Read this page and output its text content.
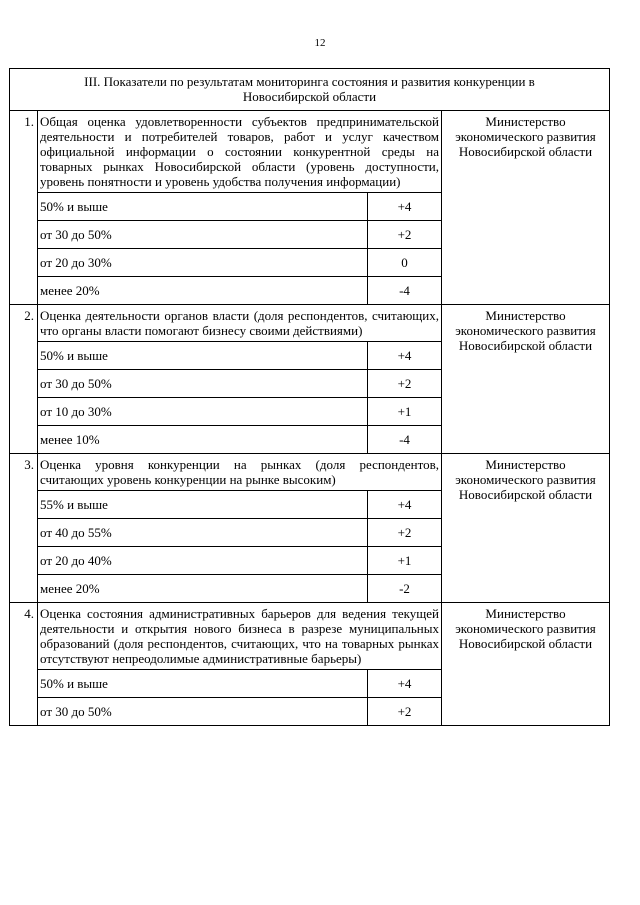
12
III. Показатели по результатам мониторинга состояния и развития конкуренции в Новосибирской области			
1.	Общая оценка удовлетворенности субъектов предпринимательской деятельности и потребителей товаров, работ и услуг качеством официальной информации о состоянии конкурентной среды на товарных рынках Новосибирской области (уровень доступности, уровень понятности и уровень удобства получения информации)		Министерство экономического развития Новосибирской области
	50% и выше	+4	
	от 30 до 50%	+2	
	от 20 до 30%	0	
	менее 20%	-4	
2.	Оценка деятельности органов власти (доля респондентов, считающих, что органы власти помогают бизнесу своими действиями)		Министерство экономического развития Новосибирской области
	50% и выше	+4	
	от 30 до 50%	+2	
	от 10 до 30%	+1	
	менее 10%	-4	
3.	Оценка уровня конкуренции на рынках (доля респондентов, считающих уровень конкуренции на рынке высоким)		Министерство экономического развития Новосибирской области
	55% и выше	+4	
	от 40 до 55%	+2	
	от 20 до 40%	+1	
	менее 20%	-2	
4.	Оценка состояния административных барьеров для ведения текущей деятельности и открытия нового бизнеса в разрезе муниципальных образований (доля респондентов, считающих, что на товарных рынках отсутствуют непреодолимые административные барьеры)		Министерство экономического развития Новосибирской области
	50% и выше	+4	
	от 30 до 50%	+2	
